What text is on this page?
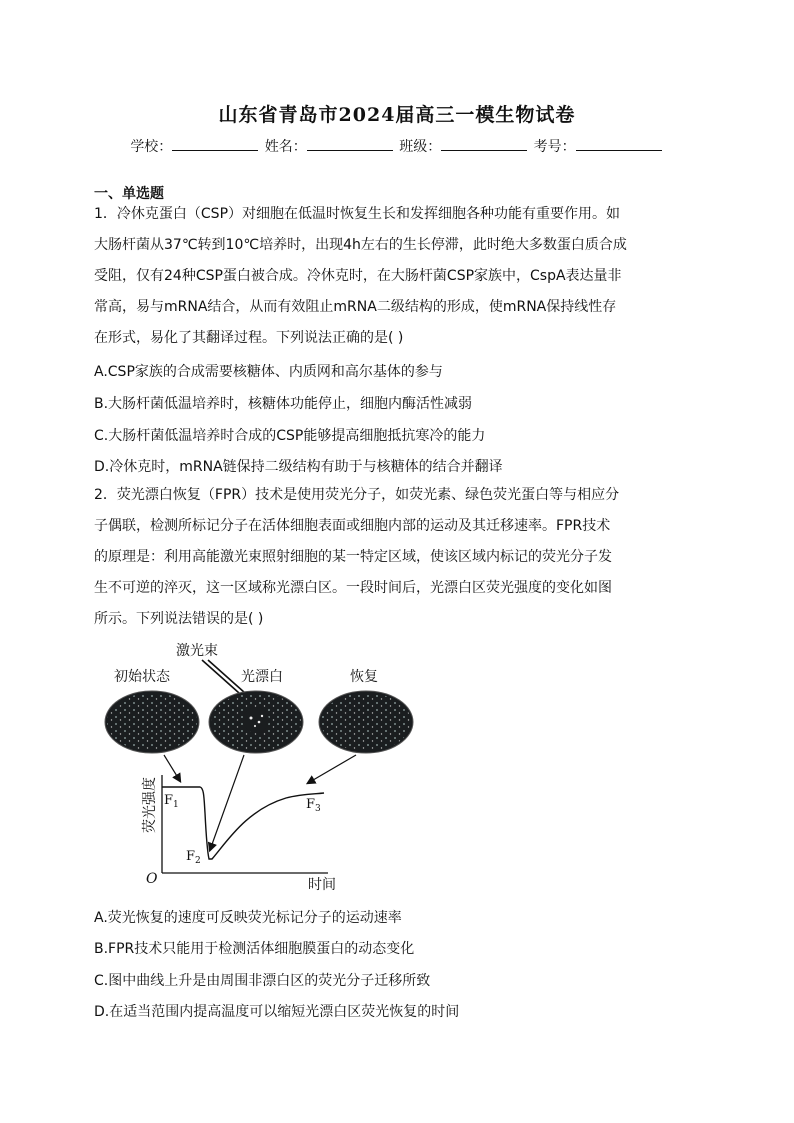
山东省青岛市2024届高三一模生物试卷
学校：	姓名：	班级：	考号：
一、单选题
1．冷休克蛋白（CSP）对细胞在低温时恢复生长和发挥细胞各种功能有重要作用。如
大肠杆菌从37℃转到10℃培养时，出现4h左右的生长停滞，此时绝大多数蛋白质合成
受阻，仅有24种CSP蛋白被合成。冷休克时，在大肠杆菌CSP家族中，CspA表达量非
常高，易与mRNA结合，从而有效阻止mRNA二级结构的形成，使mRNA保持线性存
在形式，易化了其翻译过程。下列说法正确的是( )
A.CSP家族的合成需要核糖体、内质网和高尔基体的参与
B.大肠杆菌低温培养时，核糖体功能停止，细胞内酶活性减弱
C.大肠杆菌低温培养时合成的CSP能够提高细胞抵抗寒冷的能力
D.冷休克时，mRNA链保持二级结构有助于与核糖体的结合并翻译
2．荧光漂白恢复（FPR）技术是使用荧光分子，如荧光素、绿色荧光蛋白等与相应分
子偶联，检测所标记分子在活体细胞表面或细胞内部的运动及其迁移速率。FPR技术
的原理是：利用高能激光束照射细胞的某一特定区域，使该区域内标记的荧光分子发
生不可逆的淬灭，这一区域称光漂白区。一段时间后，光漂白区荧光强度的变化如图
所示。下列说法错误的是( )
激光束
初始状态	光漂白	恢复
荧光强度
时间
O
$F_1$
$F_2$
$F_3$
A.荧光恢复的速度可反映荧光标记分子的运动速率
B.FPR技术只能用于检测活体细胞膜蛋白的动态变化
C.图中曲线上升是由周围非漂白区的荧光分子迁移所致
D.在适当范围内提高温度可以缩短光漂白区荧光恢复的时间
